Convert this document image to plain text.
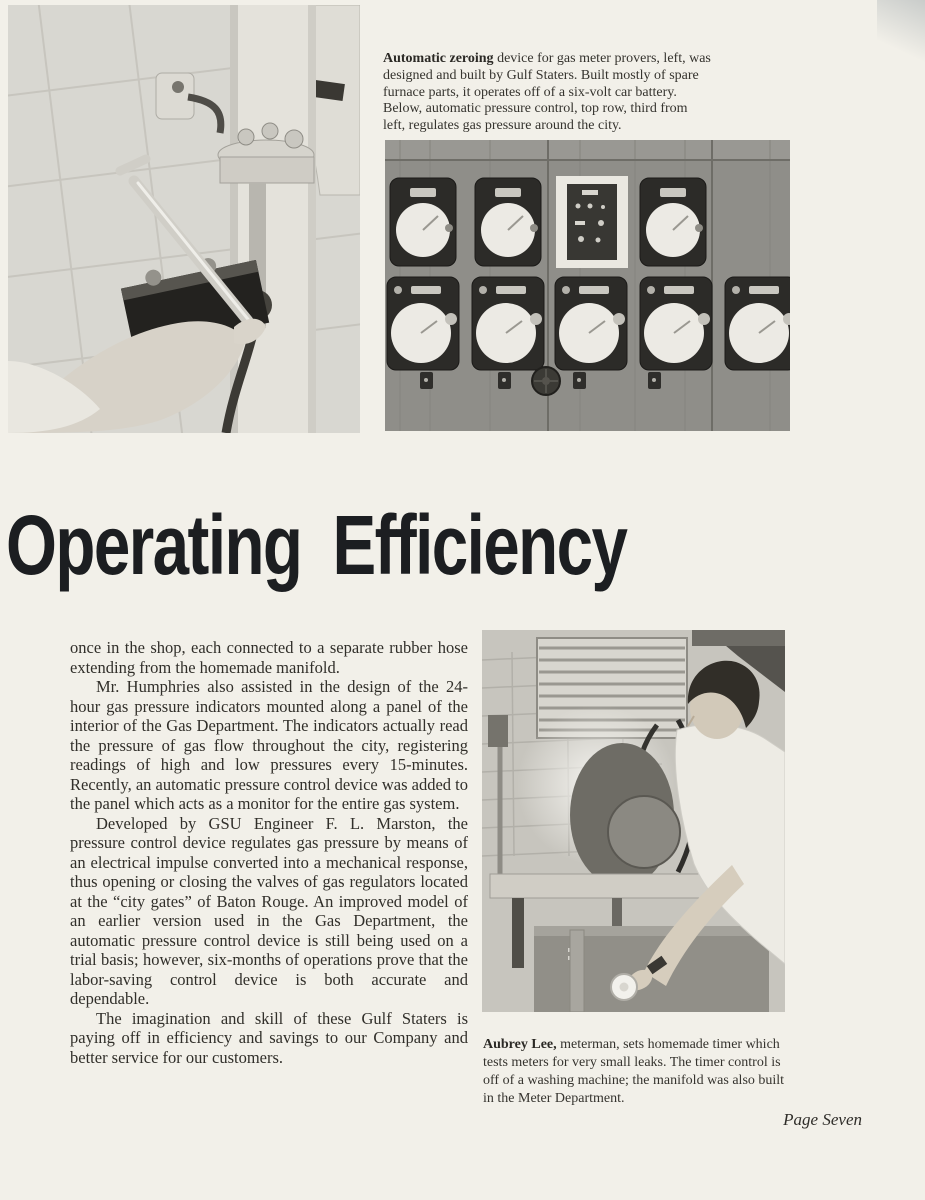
Automatic zeroing device for gas meter provers, left, was designed and built by Gulf Staters. Built mostly of spare furnace parts, it operates off of a six-volt car battery. Below, automatic pressure control, top row, third from left, regulates gas pressure around the city.

Operating Efficiency

once in the shop, each connected to a separate rubber hose extending from the homemade manifold.

Mr. Humphries also assisted in the design of the 24-hour gas pressure indicators mounted along a panel of the interior of the Gas Department. The indicators actually read the pressure of gas flow throughout the city, registering readings of high and low pressures every 15-minutes. Recently, an automatic pressure control device was added to the panel which acts as a monitor for the entire gas system.

Developed by GSU Engineer F. L. Marston, the pressure control device regulates gas pressure by means of an electrical impulse converted into a mechanical response, thus opening or closing the valves of gas regulators located at the “city gates” of Baton Rouge. An improved model of an earlier version used in the Gas Department, the automatic pressure control device is still being used on a trial basis; however, six-months of operations prove that the labor-saving control device is both accurate and dependable.

The imagination and skill of these Gulf Staters is paying off in efficiency and savings to our Company and better service for our customers.

Aubrey Lee, meterman, sets homemade timer which tests meters for very small leaks. The timer control is off of a washing machine; the manifold was also built in the Meter Department.

Page Seven
